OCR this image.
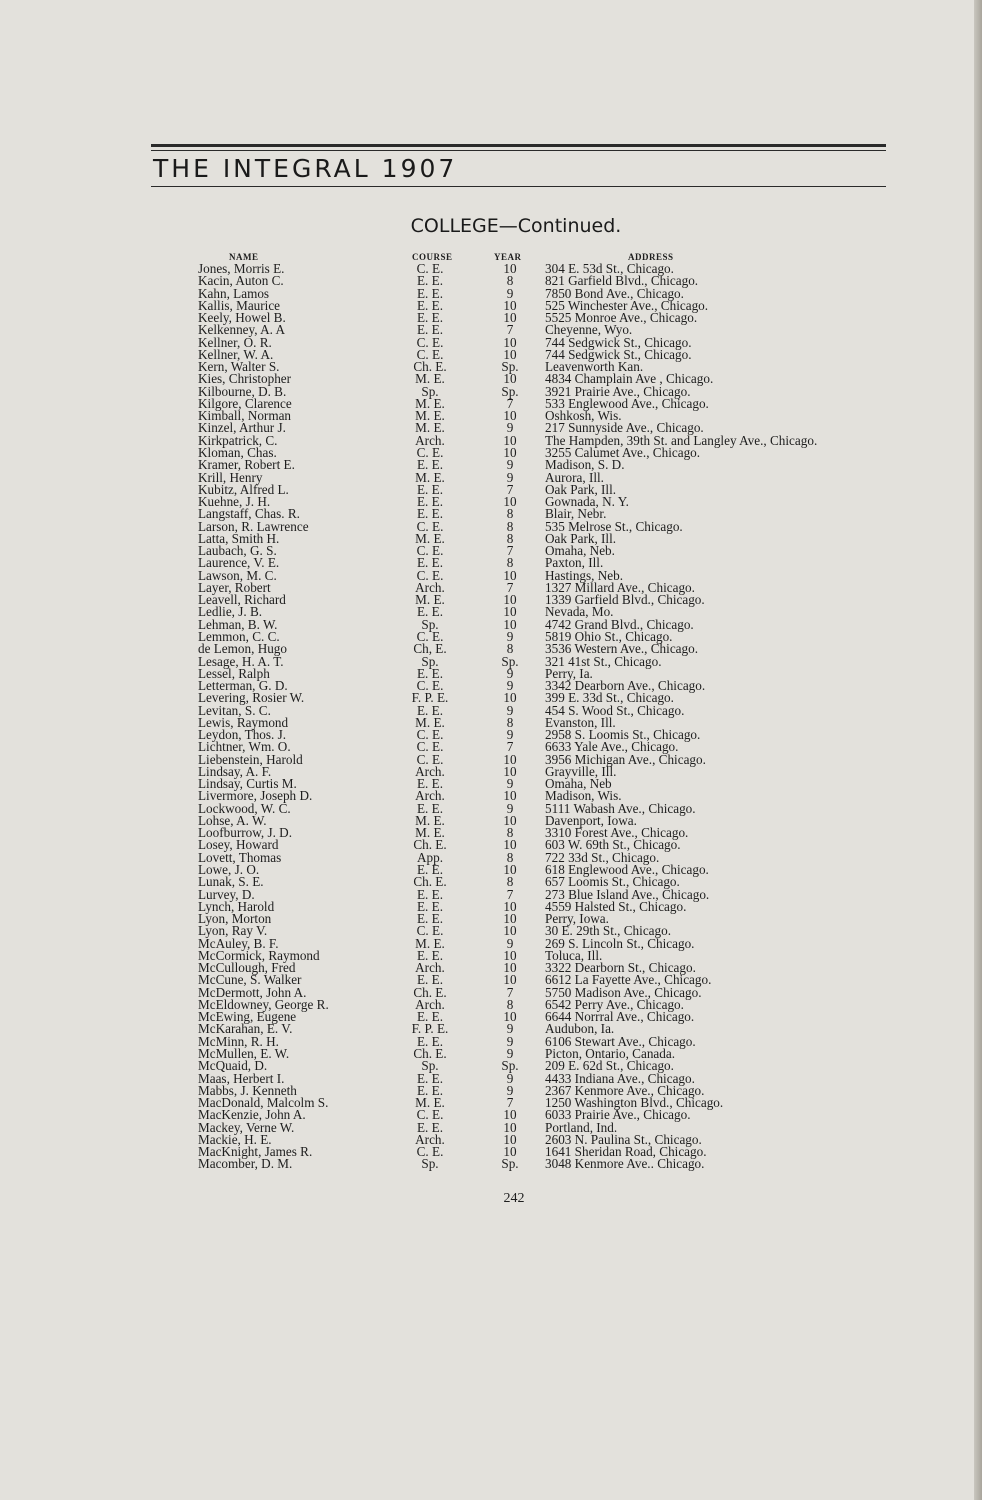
THE INTEGRAL 1907
COLLEGE—Continued.
NAME	COURSE	YEAR	ADDRESS
Jones, Morris E.	C. E.	10	304 E. 53d St., Chicago.
Kacin, Auton C.	E. E.	8	821 Garfield Blvd., Chicago.
Kahn, Lamos	E. E.	9	7850 Bond Ave., Chicago.
Kallis, Maurice	E. E.	10	525 Winchester Ave., Chicago.
Keely, Howel B.	E. E.	10	5525 Monroe Ave., Chicago.
Kelkenney, A. A	E. E.	7	Cheyenne, Wyo.
Kellner, O. R.	C. E.	10	744 Sedgwick St., Chicago.
Kellner, W. A.	C. E.	10	744 Sedgwick St., Chicago.
Kern, Walter S.	Ch. E.	Sp.	Leavenworth Kan.
Kies, Christopher	M. E.	10	4834 Champlain Ave , Chicago.
Kilbourne, D. B.	Sp.	Sp.	3921 Prairie Ave., Chicago.
Kilgore, Clarence	M. E.	7	533 Englewood Ave., Chicago.
Kimball, Norman	M. E.	10	Oshkosh, Wis.
Kinzel, Arthur J.	M. E.	9	217 Sunnyside Ave., Chicago.
Kirkpatrick, C.	Arch.	10	The Hampden, 39th St. and Langley Ave., Chicago.
Kloman, Chas.	C. E.	10	3255 Calumet Ave., Chicago.
Kramer, Robert E.	E. E.	9	Madison, S. D.
Krill, Henry	M. E.	9	Aurora, Ill.
Kubitz, Alfred L.	E. E.	7	Oak Park, Ill.
Kuehne, J. H.	E. E.	10	Gownada, N. Y.
Langstaff, Chas. R.	E. E.	8	Blair, Nebr.
Larson, R. Lawrence	C. E.	8	535 Melrose St., Chicago.
Latta, Smith H.	M. E.	8	Oak Park, Ill.
Laubach, G. S.	C. E.	7	Omaha, Neb.
Laurence, V. E.	E. E.	8	Paxton, Ill.
Lawson, M. C.	C. E.	10	Hastings, Neb.
Layer, Robert	Arch.	7	1327 Millard Ave., Chicago.
Leavell, Richard	M. E.	10	1339 Garfield Blvd., Chicago.
Ledlie, J. B.	E. E.	10	Nevada, Mo.
Lehman, B. W.	Sp.	10	4742 Grand Blvd., Chicago.
Lemmon, C. C.	C. E.	9	5819 Ohio St., Chicago.
de Lemon, Hugo	Ch, E.	8	3536 Western Ave., Chicago.
Lesage, H. A. T.	Sp.	Sp.	321 41st St., Chicago.
Lessel, Ralph	E. E.	9	Perry, Ia.
Letterman, G. D.	C. E.	9	3342 Dearborn Ave., Chicago.
Levering, Rosier W.	F. P. E.	10	399 E. 33d St., Chicago.
Levitan, S. C.	E. E.	9	454 S. Wood St., Chicago.
Lewis, Raymond	M. E.	8	Evanston, Ill.
Leydon, Thos. J.	C. E.	9	2958 S. Loomis St., Chicago.
Lichtner, Wm. O.	C. E.	7	6633 Yale Ave., Chicago.
Liebenstein, Harold	C. E.	10	3956 Michigan Ave., Chicago.
Lindsay, A. F.	Arch.	10	Grayville, Ill.
Lindsay, Curtis M.	E. E.	9	Omaha, Neb
Livermore, Joseph D.	Arch.	10	Madison, Wis.
Lockwood, W. C.	E. E.	9	5111 Wabash Ave., Chicago.
Lohse, A. W.	M. E.	10	Davenport, Iowa.
Loofburrow, J. D.	M. E.	8	3310 Forest Ave., Chicago.
Losey, Howard	Ch. E.	10	603 W. 69th St., Chicago.
Lovett, Thomas	App.	8	722 33d St., Chicago.
Lowe, J. O.	E. E.	10	618 Englewood Ave., Chicago.
Lunak, S. E.	Ch. E.	8	657 Loomis St., Chicago.
Lurvey, D.	E. E.	7	273 Blue Island Ave., Chicago.
Lynch, Harold	E. E.	10	4559 Halsted St., Chicago.
Lyon, Morton	E. E.	10	Perry, Iowa.
Lyon, Ray V.	C. E.	10	30 E. 29th St., Chicago.
McAuley, B. F.	M. E.	9	269 S. Lincoln St., Chicago.
McCormick, Raymond	E. E.	10	Toluca, Ill.
McCullough, Fred	Arch.	10	3322 Dearborn St., Chicago.
McCune, S. Walker	E. E.	10	6612 La Fayette Ave., Chicago.
McDermott, John A.	Ch. E.	7	5750 Madison Ave., Chicago.
McEldowney, George R.	Arch.	8	6542 Perry Ave., Chicago.
McEwing, Eugene	E. E.	10	6644 Norrral Ave., Chicago.
McKarahan, E. V.	F. P. E.	9	Audubon, Ia.
McMinn, R. H.	E. E.	9	6106 Stewart Ave., Chicago.
McMullen, E. W.	Ch. E.	9	Picton, Ontario, Canada.
McQuaid, D.	Sp.	Sp.	209 E. 62d St., Chicago.
Maas, Herbert I.	E. E.	9	4433 Indiana Ave., Chicago.
Mabbs, J. Kenneth	E. E.	9	2367 Kenmore Ave., Chicago.
MacDonald, Malcolm S.	M. E.	7	1250 Washington Blvd., Chicago.
MacKenzie, John A.	C. E.	10	6033 Prairie Ave., Chicago.
Mackey, Verne W.	E. E.	10	Portland, Ind.
Mackie, H. E.	Arch.	10	2603 N. Paulina St., Chicago.
MacKnight, James R.	C. E.	10	1641 Sheridan Road, Chicago.
Macomber, D. M.	Sp.	Sp.	3048 Kenmore Ave.. Chicago.
242
